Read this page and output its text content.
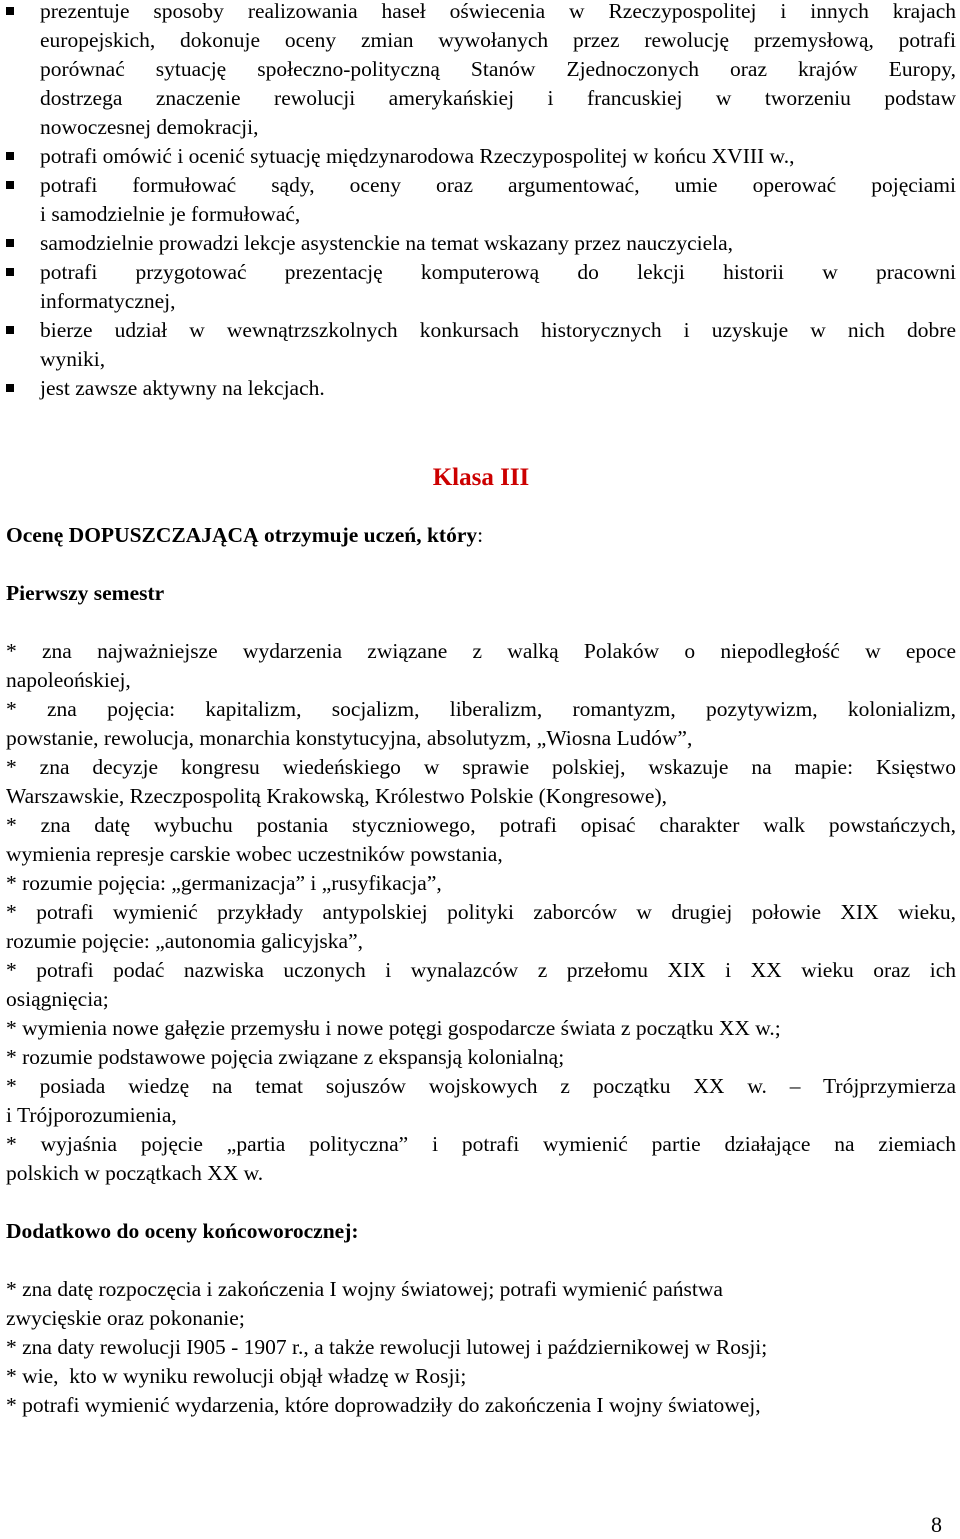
prezentuje sposoby realizowania haseł oświecenia w Rzeczypospolitej i innych krajach
europejskich, dokonuje oceny zmian wywołanych przez rewolucję przemysłową, potrafi
porównać sytuację społeczno-polityczną Stanów Zjednoczonych oraz krajów Europy,
dostrzega znaczenie rewolucji amerykańskiej i francuskiej w tworzeniu podstaw
nowoczesnej demokracji,
potrafi omówić i ocenić sytuację międzynarodowa Rzeczypospolitej w końcu XVIII w.,
potrafi formułować sądy, oceny oraz argumentować, umie operować pojęciami
i samodzielnie je formułować,
samodzielnie prowadzi lekcje asystenckie na temat wskazany przez nauczyciela,
potrafi przygotować prezentację komputerową do lekcji historii w pracowni
informatycznej,
bierze udział w wewnątrzszkolnych konkursach historycznych i uzyskuje w nich dobre
wyniki,
jest zawsze aktywny na lekcjach.
Klasa III
Ocenę DOPUSZCZAJĄCĄ otrzymuje uczeń, który:
Pierwszy semestr
* zna najważniejsze wydarzenia związane z walką Polaków o niepodległość w epoce
napoleońskiej,
* zna pojęcia: kapitalizm, socjalizm, liberalizm, romantyzm, pozytywizm, kolonializm,
powstanie, rewolucja, monarchia konstytucyjna, absolutyzm, „Wiosna Ludów”,
* zna decyzje kongresu wiedeńskiego w sprawie polskiej, wskazuje na mapie: Księstwo
Warszawskie, Rzeczpospolitą Krakowską, Królestwo Polskie (Kongresowe),
* zna datę wybuchu postania styczniowego, potrafi opisać charakter walk powstańczych,
wymienia represje carskie wobec uczestników powstania,
* rozumie pojęcia: „germanizacja” i „rusyfikacja”,
* potrafi wymienić przykłady antypolskiej polityki zaborców w drugiej połowie XIX wieku,
rozumie pojęcie: „autonomia galicyjska”,
* potrafi podać nazwiska uczonych i wynalazców z przełomu XIX i XX wieku oraz ich
osiągnięcia;
* wymienia nowe gałęzie przemysłu i nowe potęgi gospodarcze świata z początku XX w.;
* rozumie podstawowe pojęcia związane z ekspansją kolonialną;
* posiada wiedzę na temat sojuszów wojskowych z początku XX w. – Trójprzymierza
i Trójporozumienia,
* wyjaśnia pojęcie „partia polityczna” i potrafi wymienić partie działające na ziemiach
polskich w początkach XX w.
Dodatkowo do oceny końcoworocznej:
* zna datę rozpoczęcia i zakończenia I wojny światowej; potrafi wymienić państwa
zwycięskie oraz pokonanie;
* zna daty rewolucji I905 - 1907 r., a także rewolucji lutowej i październikowej w Rosji;
* wie,  kto w wyniku rewolucji objął władzę w Rosji;
* potrafi wymienić wydarzenia, które doprowadziły do zakończenia I wojny światowej,
8
